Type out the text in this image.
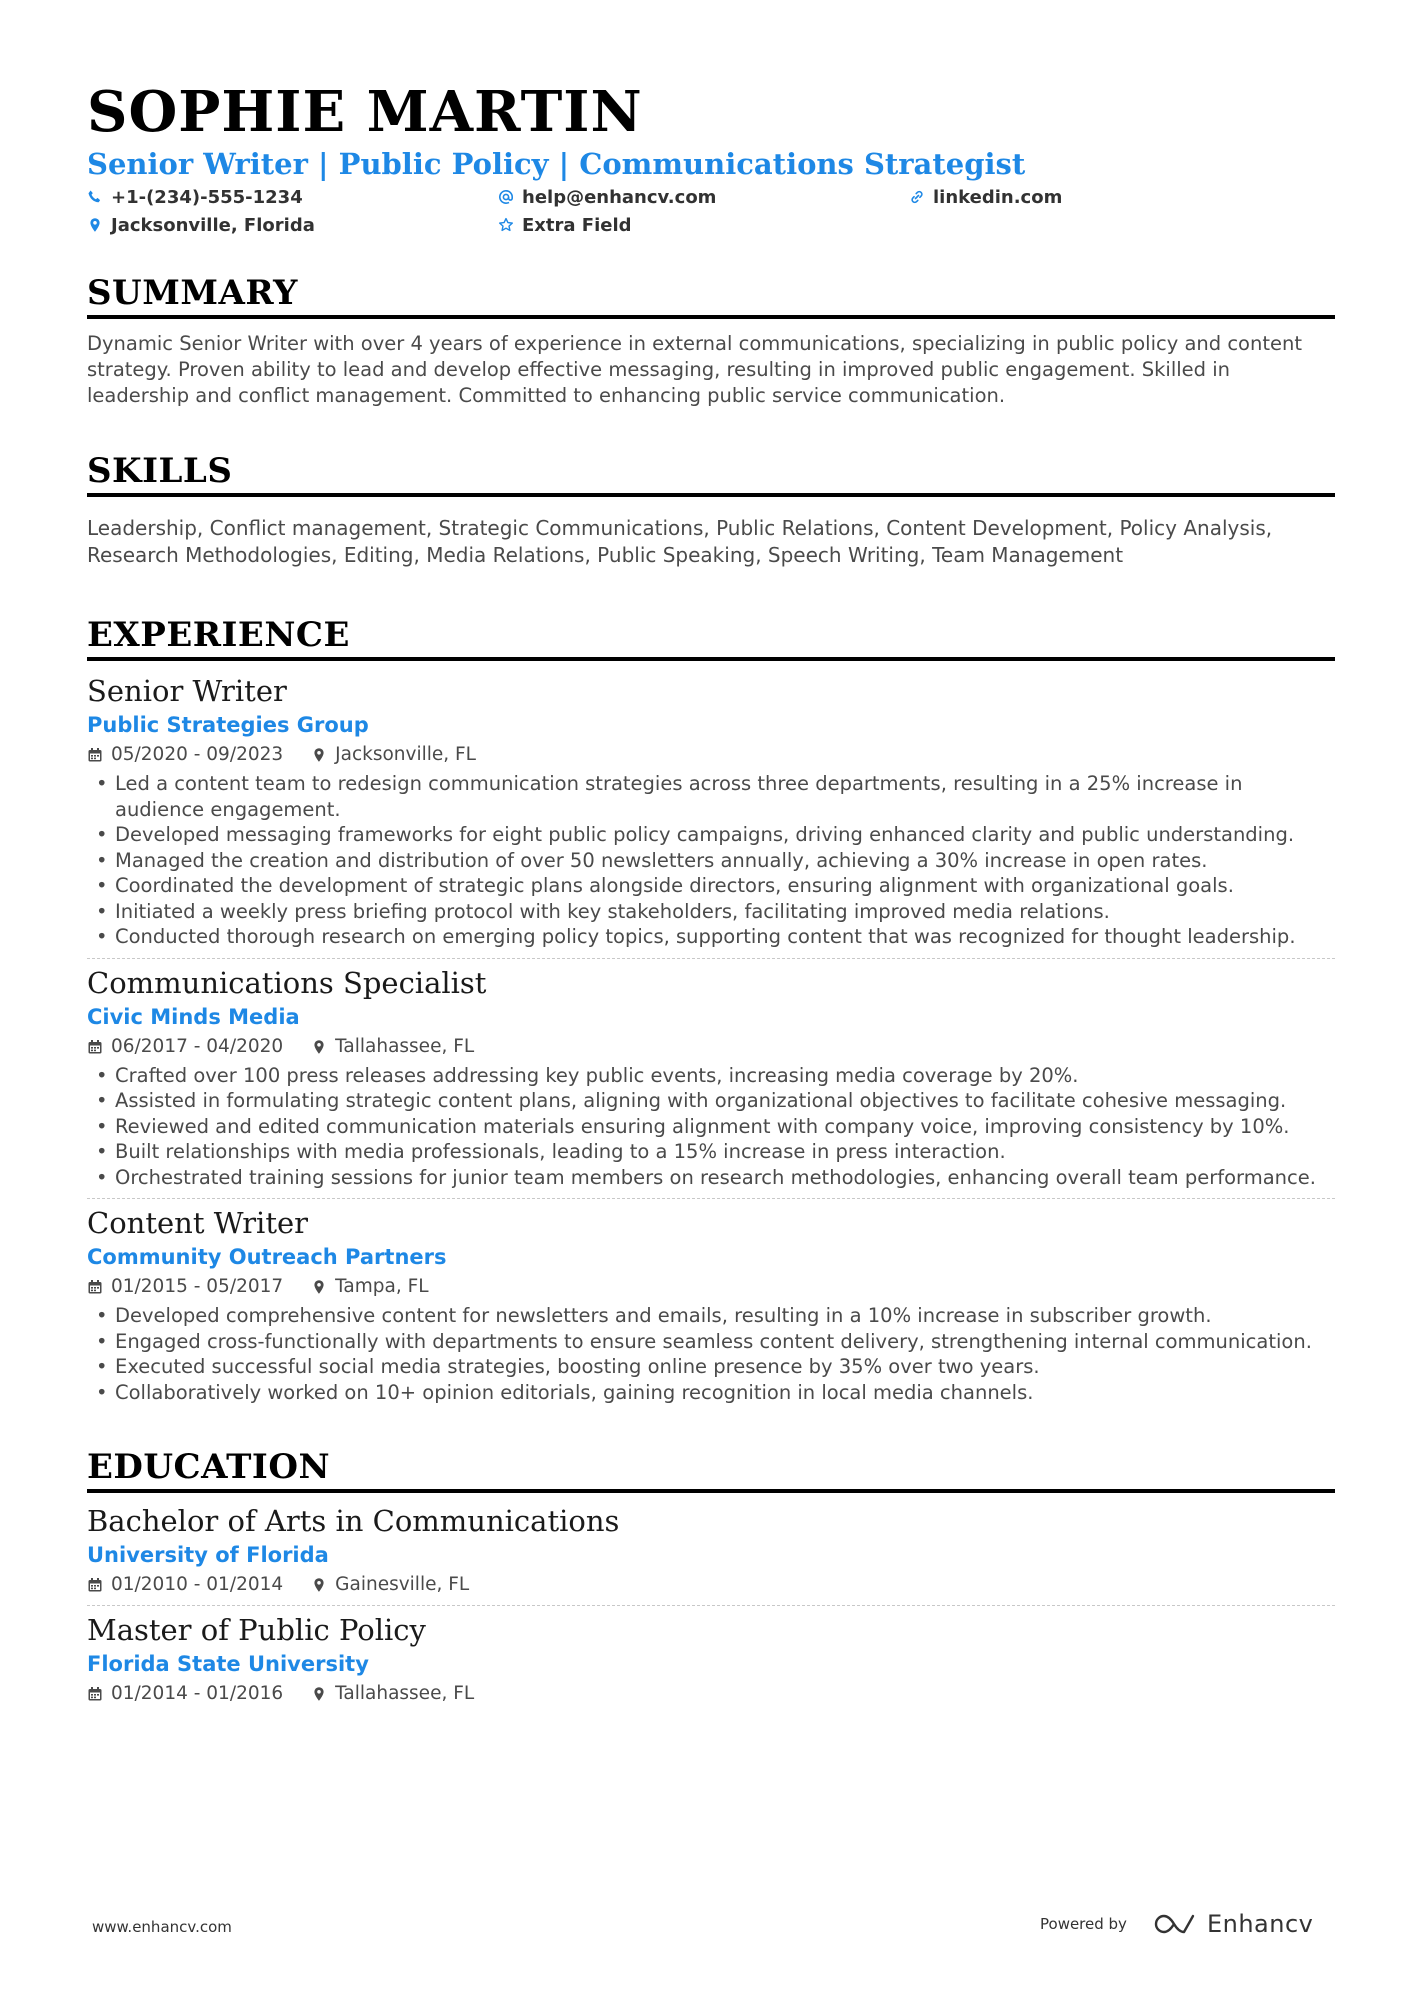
SOPHIE MARTIN
Senior Writer | Public Policy | Communications Strategist
+1-(234)-555-1234	help@enhancv.com	linkedin.com
Jacksonville, Florida	Extra Field
SUMMARY
Dynamic Senior Writer with over 4 years of experience in external communications, specializing in public policy and content strategy. Proven ability to lead and develop effective messaging, resulting in improved public engagement. Skilled in leadership and conflict management. Committed to enhancing public service communication.
SKILLS
Leadership, Conflict management, Strategic Communications, Public Relations, Content Development, Policy Analysis, Research Methodologies, Editing, Media Relations, Public Speaking, Speech Writing, Team Management
EXPERIENCE
Senior Writer
Public Strategies Group
05/2020 - 09/2023	Jacksonville, FL
• Led a content team to redesign communication strategies across three departments, resulting in a 25% increase in audience engagement.
• Developed messaging frameworks for eight public policy campaigns, driving enhanced clarity and public understanding.
• Managed the creation and distribution of over 50 newsletters annually, achieving a 30% increase in open rates.
• Coordinated the development of strategic plans alongside directors, ensuring alignment with organizational goals.
• Initiated a weekly press briefing protocol with key stakeholders, facilitating improved media relations.
• Conducted thorough research on emerging policy topics, supporting content that was recognized for thought leadership.
Communications Specialist
Civic Minds Media
06/2017 - 04/2020	Tallahassee, FL
• Crafted over 100 press releases addressing key public events, increasing media coverage by 20%.
• Assisted in formulating strategic content plans, aligning with organizational objectives to facilitate cohesive messaging.
• Reviewed and edited communication materials ensuring alignment with company voice, improving consistency by 10%.
• Built relationships with media professionals, leading to a 15% increase in press interaction.
• Orchestrated training sessions for junior team members on research methodologies, enhancing overall team performance.
Content Writer
Community Outreach Partners
01/2015 - 05/2017	Tampa, FL
• Developed comprehensive content for newsletters and emails, resulting in a 10% increase in subscriber growth.
• Engaged cross-functionally with departments to ensure seamless content delivery, strengthening internal communication.
• Executed successful social media strategies, boosting online presence by 35% over two years.
• Collaboratively worked on 10+ opinion editorials, gaining recognition in local media channels.
EDUCATION
Bachelor of Arts in Communications
University of Florida
01/2010 - 01/2014	Gainesville, FL
Master of Public Policy
Florida State University
01/2014 - 01/2016	Tallahassee, FL
www.enhancv.com	Powered by	Enhancv
